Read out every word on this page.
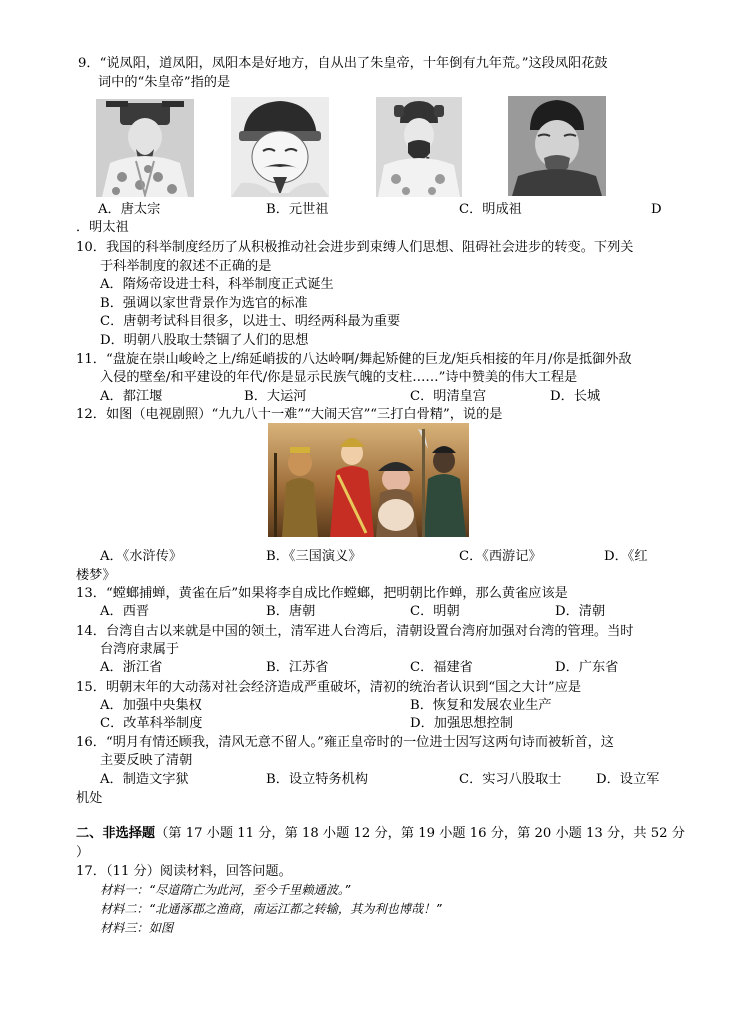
9．“说凤阳，道凤阳，凤阳本是好地方，自从出了朱皇帝，十年倒有九年荒。”这段凤阳花鼓
词中的“朱皇帝”指的是
A．唐太宗	B．元世祖	C．明成祖	D
．明太祖
10．我国的科举制度经历了从积极推动社会进步到束缚人们思想、阻碍社会进步的转变。下列关
于科举制度的叙述不正确的是
A．隋炀帝设进士科，科举制度正式诞生
B．强调以家世背景作为选官的标准
C．唐朝考试科目很多，以进士、明经两科最为重要
D．明朝八股取士禁锢了人们的思想
11．“盘旋在崇山峻岭之上/绵延峭拔的八达岭啊/舞起矫健的巨龙/矩兵相接的年月/你是抵御外敌
入侵的壁垒/和平建设的年代/你是显示民族气魄的支柱……”诗中赞美的伟大工程是
A．都江堰	B．大运河	C．明清皇宫	D．长城
12．如图（电视剧照）“九九八十一难”“大闹天宫”“三打白骨精”，说的是
A．《水浒传》	B．《三国演义》	C．《西游记》	D．《红
楼梦》
13．“螳螂捕蝉，黄雀在后”如果将李自成比作螳螂，把明朝比作蝉，那么黄雀应该是
A．西晋	B．唐朝	C．明朝	D．清朝
14．台湾自古以来就是中国的领土，清军进人台湾后，清朝设置台湾府加强对台湾的管理。当时
台湾府隶属于
A．浙江省	B．江苏省	C．福建省	D．广东省
15．明朝末年的大动荡对社会经济造成严重破坏，清初的统治者认识到“国之大计”应是
A．加强中央集权	B．恢复和发展农业生产
C．改革科举制度	D．加强思想控制
16．“明月有情还顾我，清风无意不留人。”雍正皇帝时的一位进士因写这两句诗而被斩首，这
主要反映了清朝
A．制造文字狱	B．设立特务机构	C．实习八股取士	D．设立军
机处
二、非选择题（第 17 小题 11 分，第 18 小题 12 分，第 19 小题 16 分，第 20 小题 13 分，共 52 分
）
17．（11 分）阅读材料，回答问题。
材料一：“尽道隋亡为此河，至今千里赖通波。”
材料二：“北通涿郡之渔商，南运江都之转输，其为利也博哉！”
材料三：如图
